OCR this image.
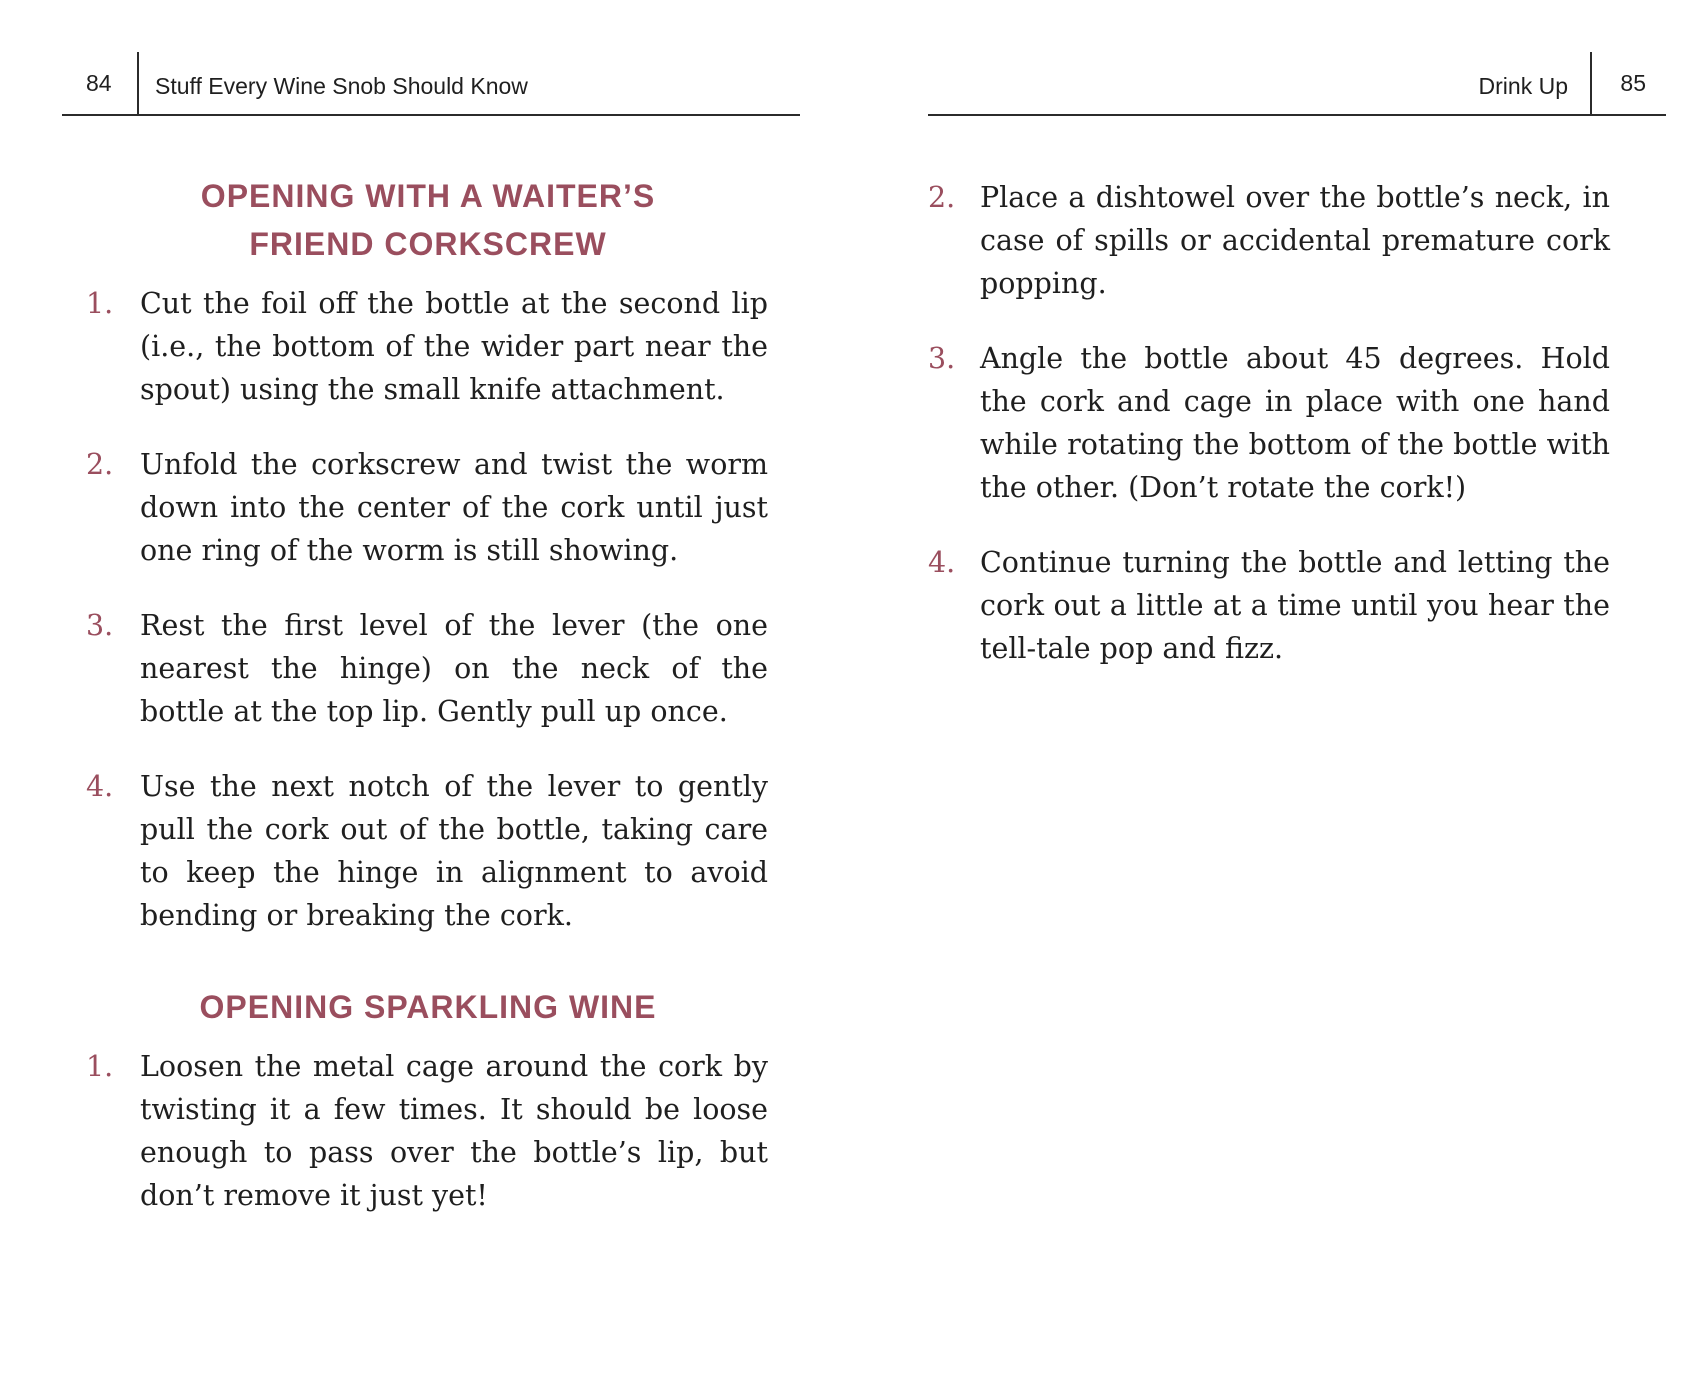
84 Stuff Every Wine Snob Should Know
OPENING WITH A WAITER’S
FRIEND CORKSCREW
1. Cut the foil off the bottle at the second lip (i.e., the bottom of the wider part near the spout) using the small knife attachment.
2. Unfold the corkscrew and twist the worm down into the center of the cork until just one ring of the worm is still showing.
3. Rest the first level of the lever (the one nearest the hinge) on the neck of the bottle at the top lip. Gently pull up once.
4. Use the next notch of the lever to gently pull the cork out of the bottle, taking care to keep the hinge in alignment to avoid bending or breaking the cork.
OPENING SPARKLING WINE
1. Loosen the metal cage around the cork by twisting it a few times. It should be loose enough to pass over the bottle’s lip, but don’t remove it just yet!
Drink Up 85
2. Place a dishtowel over the bottle’s neck, in case of spills or accidental premature cork popping.
3. Angle the bottle about 45 degrees. Hold the cork and cage in place with one hand while rotating the bottom of the bottle with the other. (Don’t rotate the cork!)
4. Continue turning the bottle and letting the cork out a little at a time until you hear the tell-tale pop and fizz.
